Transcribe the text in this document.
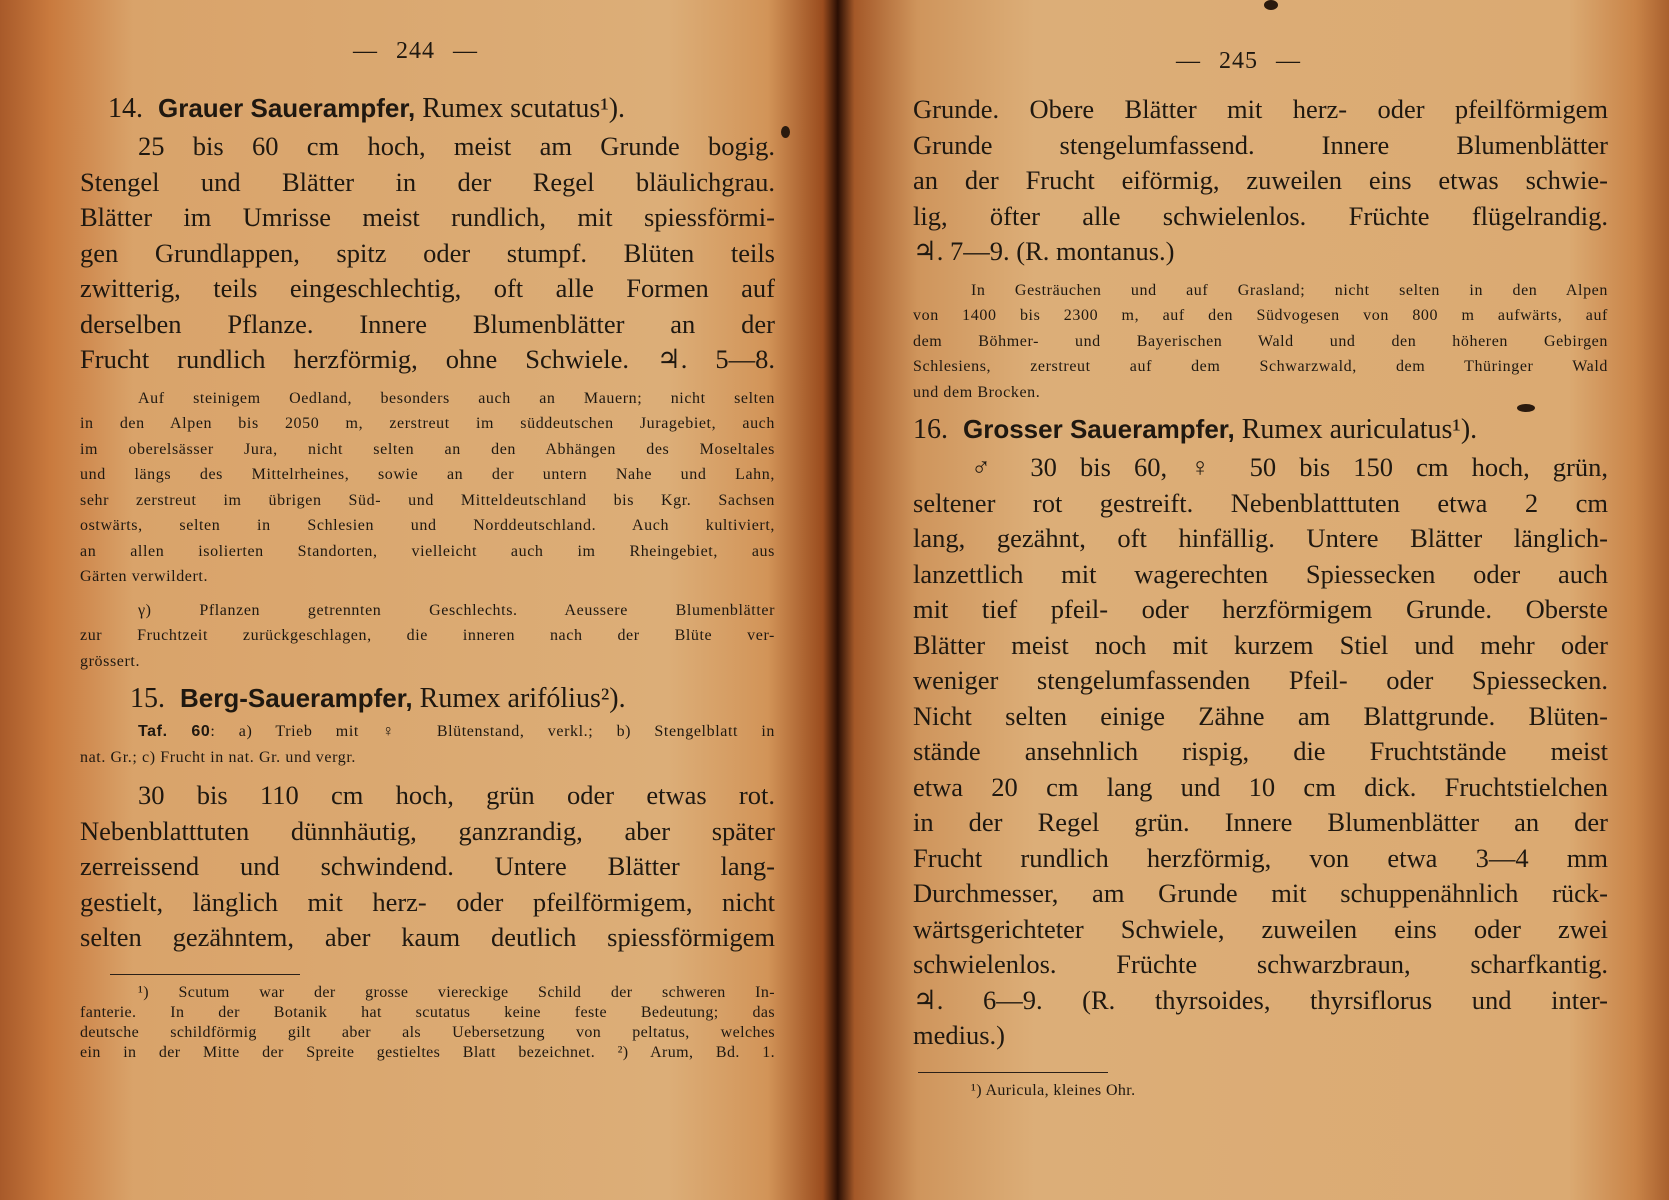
— 244 —
14. Grauer Sauerampfer, Rumex scutatus¹).
25 bis 60 cm hoch, meist am Grunde bogig.
Stengel und Blätter in der Regel bläulichgrau.
Blätter im Umrisse meist rundlich, mit spiessförmi-
gen Grundlappen, spitz oder stumpf. Blüten teils
zwitterig, teils eingeschlechtig, oft alle Formen auf
derselben Pflanze. Innere Blumenblätter an der
Frucht rundlich herzförmig, ohne Schwiele. ♃. 5—8.
Auf steinigem Oedland, besonders auch an Mauern; nicht selten
in den Alpen bis 2050 m, zerstreut im süddeutschen Juragebiet, auch
im oberelsässer Jura, nicht selten an den Abhängen des Moseltales
und längs des Mittelrheines, sowie an der untern Nahe und Lahn,
sehr zerstreut im übrigen Süd- und Mitteldeutschland bis Kgr. Sachsen
ostwärts, selten in Schlesien und Norddeutschland. Auch kultiviert,
an allen isolierten Standorten, vielleicht auch im Rheingebiet, aus
Gärten verwildert.
γ) Pflanzen getrennten Geschlechts. Aeussere Blumenblätter
zur Fruchtzeit zurückgeschlagen, die inneren nach der Blüte ver-
grössert.
15. Berg-Sauerampfer, Rumex arifólius²).
Taf. 60: a) Trieb mit ♀ Blütenstand, verkl.; b) Stengelblatt in
nat. Gr.; c) Frucht in nat. Gr. und vergr.
30 bis 110 cm hoch, grün oder etwas rot.
Nebenblatttuten dünnhäutig, ganzrandig, aber später
zerreissend und schwindend. Untere Blätter lang-
gestielt, länglich mit herz- oder pfeilförmigem, nicht
selten gezähntem, aber kaum deutlich spiessförmigem
¹) Scutum war der grosse viereckige Schild der schweren In-
fanterie. In der Botanik hat scutatus keine feste Bedeutung; das
deutsche schildförmig gilt aber als Uebersetzung von peltatus, welches
ein in der Mitte der Spreite gestieltes Blatt bezeichnet. ²) Arum, Bd. 1.
— 245 —
Grunde. Obere Blätter mit herz- oder pfeilförmigem
Grunde stengelumfassend. Innere Blumenblätter
an der Frucht eiförmig, zuweilen eins etwas schwie-
lig, öfter alle schwielenlos. Früchte flügelrandig.
♃. 7—9. (R. montanus.)
In Gesträuchen und auf Grasland; nicht selten in den Alpen
von 1400 bis 2300 m, auf den Südvogesen von 800 m aufwärts, auf
dem Böhmer- und Bayerischen Wald und den höheren Gebirgen
Schlesiens, zerstreut auf dem Schwarzwald, dem Thüringer Wald
und dem Brocken.
16. Grosser Sauerampfer, Rumex auriculatus¹).
♂ 30 bis 60, ♀ 50 bis 150 cm hoch, grün,
seltener rot gestreift. Nebenblatttuten etwa 2 cm
lang, gezähnt, oft hinfällig. Untere Blätter länglich-
lanzettlich mit wagerechten Spiessecken oder auch
mit tief pfeil- oder herzförmigem Grunde. Oberste
Blätter meist noch mit kurzem Stiel und mehr oder
weniger stengelumfassenden Pfeil- oder Spiessecken.
Nicht selten einige Zähne am Blattgrunde. Blüten-
stände ansehnlich rispig, die Fruchtstände meist
etwa 20 cm lang und 10 cm dick. Fruchtstielchen
in der Regel grün. Innere Blumenblätter an der
Frucht rundlich herzförmig, von etwa 3—4 mm
Durchmesser, am Grunde mit schuppenähnlich rück-
wärtsgerichteter Schwiele, zuweilen eins oder zwei
schwielenlos. Früchte schwarzbraun, scharfkantig.
♃. 6—9. (R. thyrsoides, thyrsiflorus und inter-
medius.)
¹) Auricula, kleines Ohr.
